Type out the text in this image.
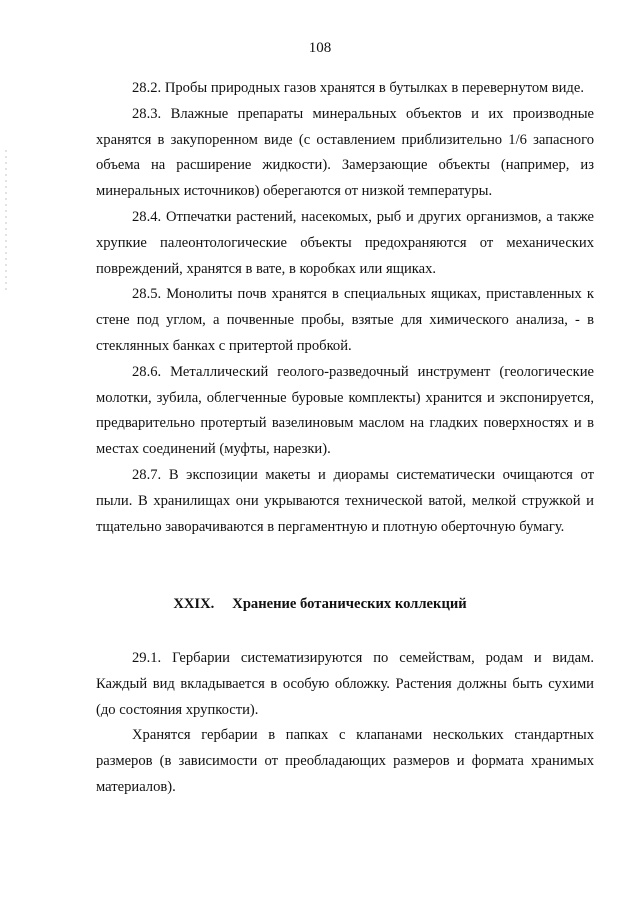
108

28.2. Пробы природных газов хранятся в бутылках в перевернутом виде.

28.3. Влажные препараты минеральных объектов и их производные хранятся в закупоренном виде (с оставлением приблизительно 1/6 запасного объема на расширение жидкости). Замерзающие объекты (например, из минеральных источников) оберегаются от низкой температуры.

28.4. Отпечатки растений, насекомых, рыб и других организмов, а также хрупкие палеонтологические объекты предохраняются от механических повреждений, хранятся в вате, в коробках или ящиках.

28.5. Монолиты почв хранятся в специальных ящиках, приставленных к стене под углом, а почвенные пробы, взятые для химического анализа, - в стеклянных банках с притертой пробкой.

28.6. Металлический геолого-разведочный инструмент (геологические молотки, зубила, облегченные буровые комплекты) хранится и экспонируется, предварительно протертый вазелиновым маслом на гладких поверхностях и в местах соединений (муфты, нарезки).

28.7. В экспозиции макеты и диорамы систематически очищаются от пыли. В хранилищах они укрываются технической ватой, мелкой стружкой и тщательно заворачиваются в пергаментную и плотную оберточную бумагу.

XXIX. Хранение ботанических коллекций

29.1. Гербарии систематизируются по семействам, родам и видам. Каждый вид вкладывается в особую обложку. Растения должны быть сухими (до состояния хрупкости).

Хранятся гербарии в папках с клапанами нескольких стандартных размеров (в зависимости от преобладающих размеров и формата хранимых материалов).
